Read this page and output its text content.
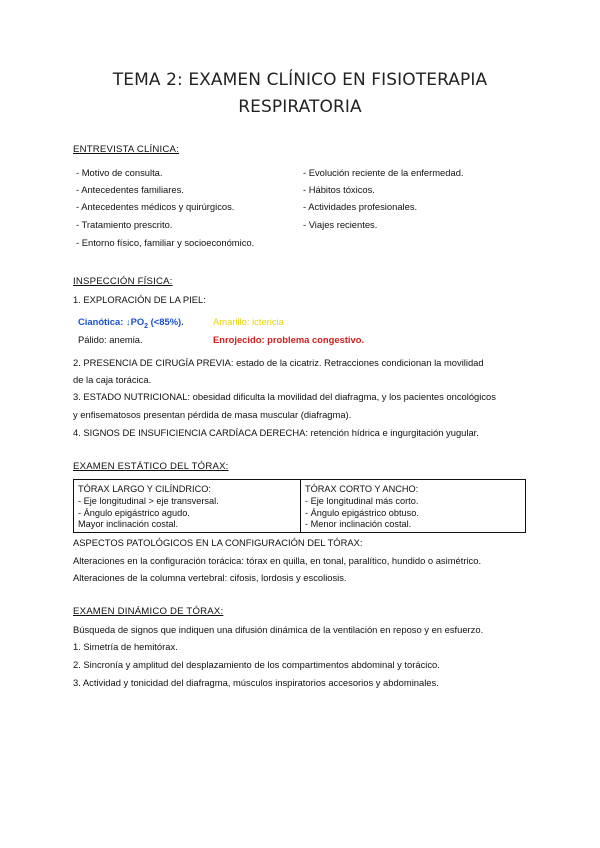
TEMA 2: EXAMEN CLÍNICO EN FISIOTERAPIA
RESPIRATORIA
ENTREVISTA CLÍNICA:
- Motivo de consulta.
- Antecedentes familiares.
- Antecedentes médicos y quirúrgicos.
- Tratamiento prescrito.
- Entorno físico, familiar y socioeconómico.
- Evolución reciente de la enfermedad.
- Hábitos tóxicos.
- Actividades profesionales.
- Viajes recientes.
INSPECCIÓN FÍSICA:
1. EXPLORACIÓN DE LA PIEL:
Cianótica: $↓PO_2$ (<85%).	Amarillo: ictericia
Pálido: anemia.	Enrojecido: problema congestivo.
2. PRESENCIA DE CIRUGÍA PREVIA: estado de la cicatriz. Retracciones condicionan la movilidad
de la caja torácica.
3. ESTADO NUTRICIONAL: obesidad dificulta la movilidad del diafragma, y los pacientes oncológicos
y enfisematosos presentan pérdida de masa muscular (diafragma).
4. SIGNOS DE INSUFICIENCIA CARDÍACA DERECHA: retención hídrica e ingurgitación yugular.
EXAMEN ESTÁTICO DEL TÓRAX:
TÓRAX LARGO Y CILÍNDRICO:
- Eje longitudinal > eje transversal.
- Ángulo epigástrico agudo.
Mayor inclinación costal.
TÓRAX CORTO Y ANCHO:
- Eje longitudinal más corto.
- Ángulo epigástrico obtuso.
- Menor inclinación costal.
ASPECTOS PATOLÓGICOS EN LA CONFIGURACIÓN DEL TÓRAX:
Alteraciones en la configuración torácica: tórax en quilla, en tonal, paralítico, hundido o asimétrico.
Alteraciones de la columna vertebral: cifosis, lordosis y escoliosis.
EXAMEN DINÁMICO DE TÓRAX:
Búsqueda de signos que indiquen una difusión dinámica de la ventilación en reposo y en esfuerzo.
1. Simetría de hemitórax.
2. Sincronía y amplitud del desplazamiento de los compartimentos abdominal y torácico.
3. Actividad y tonicidad del diafragma, músculos inspiratorios accesorios y abdominales.
